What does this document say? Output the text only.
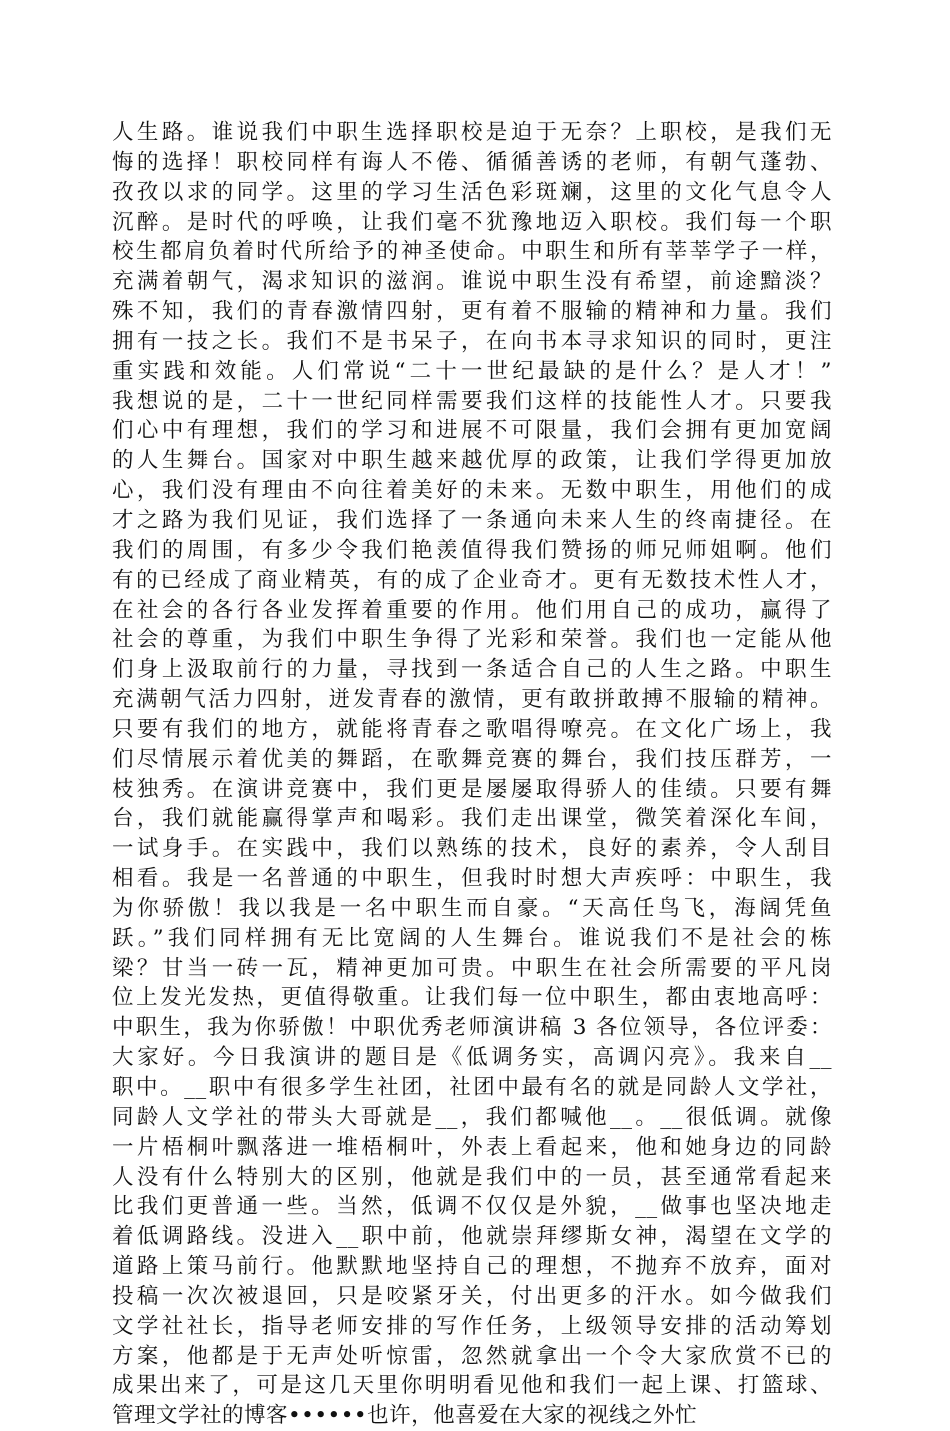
人生路。谁说我们中职生选择职校是迫于无奈？上职校，是我们无
悔的选择！职校同样有诲人不倦、循循善诱的老师，有朝气蓬勃、
孜孜以求的同学。这里的学习生活色彩斑斓，这里的文化气息令人
沉醉。是时代的呼唤，让我们毫不犹豫地迈入职校。我们每一个职
校生都肩负着时代所给予的神圣使命。中职生和所有莘莘学子一样，
充满着朝气，渴求知识的滋润。谁说中职生没有希望，前途黯淡？
殊不知，我们的青春激情四射，更有着不服输的精神和力量。我们
拥有一技之长。我们不是书呆子，在向书本寻求知识的同时，更注
重实践和效能。人们常说“二十一世纪最缺的是什么？是人才！”
我想说的是，二十一世纪同样需要我们这样的技能性人才。只要我
们心中有理想，我们的学习和进展不可限量，我们会拥有更加宽阔
的人生舞台。国家对中职生越来越优厚的政策，让我们学得更加放
心，我们没有理由不向往着美好的未来。无数中职生，用他们的成
才之路为我们见证，我们选择了一条通向未来人生的终南捷径。在
我们的周围，有多少令我们艳羡值得我们赞扬的师兄师姐啊。他们
有的已经成了商业精英，有的成了企业奇才。更有无数技术性人才，
在社会的各行各业发挥着重要的作用。他们用自己的成功，赢得了
社会的尊重，为我们中职生争得了光彩和荣誉。我们也一定能从他
们身上汲取前行的力量，寻找到一条适合自己的人生之路。中职生
充满朝气活力四射，迸发青春的激情，更有敢拼敢搏不服输的精神。
只要有我们的地方，就能将青春之歌唱得嘹亮。在文化广场上，我
们尽情展示着优美的舞蹈，在歌舞竞赛的舞台，我们技压群芳，一
枝独秀。在演讲竞赛中，我们更是屡屡取得骄人的佳绩。只要有舞
台，我们就能赢得掌声和喝彩。我们走出课堂，微笑着深化车间，
一试身手。在实践中，我们以熟练的技术，良好的素养，令人刮目
相看。我是一名普通的中职生，但我时时想大声疾呼：中职生，我
为你骄傲！我以我是一名中职生而自豪。“天高任鸟飞，海阔凭鱼
跃。”我们同样拥有无比宽阔的人生舞台。谁说我们不是社会的栋
梁？甘当一砖一瓦，精神更加可贵。中职生在社会所需要的平凡岗
位上发光发热，更值得敬重。让我们每一位中职生，都由衷地高呼：
中职生，我为你骄傲！中职优秀老师演讲稿 3 各位领导，各位评委：
大家好。今日我演讲的题目是《低调务实，高调闪亮》。我来自__
职中。__职中有很多学生社团，社团中最有名的就是同龄人文学社，
同龄人文学社的带头大哥就是__，我们都喊他__。__很低调。就像
一片梧桐叶飘落进一堆梧桐叶，外表上看起来，他和她身边的同龄
人没有什么特别大的区别，他就是我们中的一员，甚至通常看起来
比我们更普通一些。当然，低调不仅仅是外貌，__做事也坚决地走
着低调路线。没进入__职中前，他就崇拜缪斯女神，渴望在文学的
道路上策马前行。他默默地坚持自己的理想，不抛弃不放弃，面对
投稿一次次被退回，只是咬紧牙关，付出更多的汗水。如今做我们
文学社社长，指导老师安排的写作任务，上级领导安排的活动筹划
方案，他都是于无声处听惊雷，忽然就拿出一个令大家欣赏不已的
成果出来了，可是这几天里你明明看见他和我们一起上课、打篮球、
管理文学社的博客••••••也许，他喜爱在大家的视线之外忙
